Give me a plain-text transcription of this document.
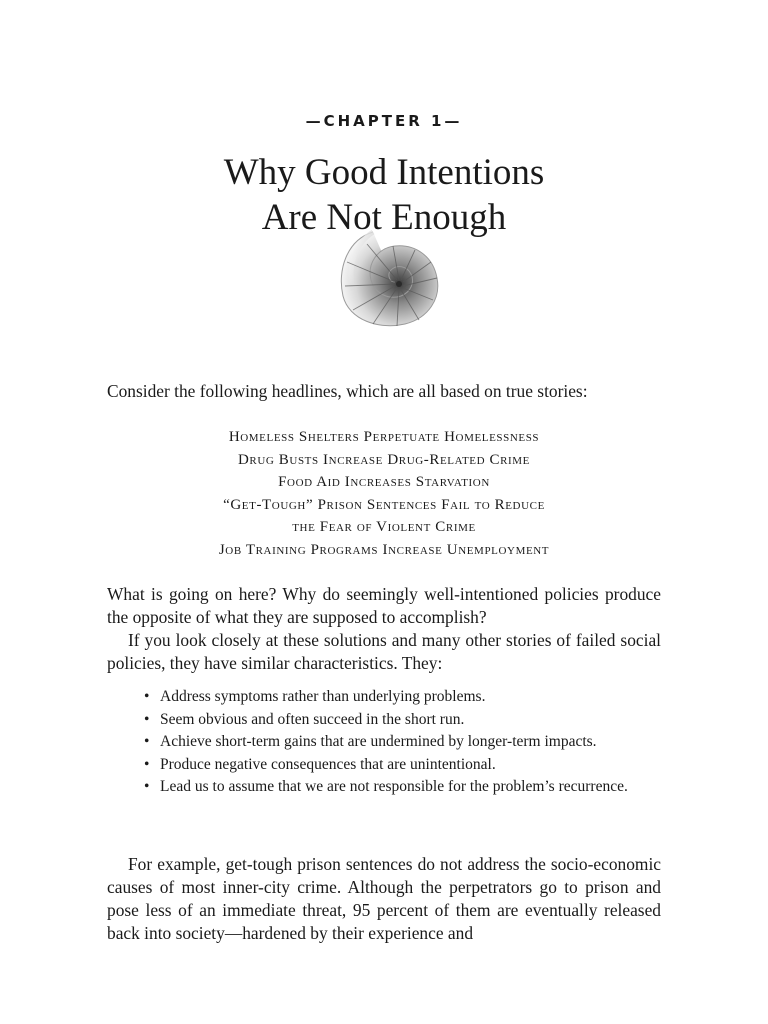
—CHAPTER 1—
Why Good Intentions
Are Not Enough

Consider the following headlines, which are all based on true stories:

Homeless Shelters Perpetuate Homelessness
Drug Busts Increase Drug-Related Crime
Food Aid Increases Starvation
“Get-Tough” Prison Sentences Fail to Reduce
the Fear of Violent Crime
Job Training Programs Increase Unemployment

What is going on here? Why do seemingly well-intentioned policies produce the opposite of what they are supposed to accomplish?

If you look closely at these solutions and many other stories of failed social policies, they have similar characteristics. They:

• Address symptoms rather than underlying problems.
• Seem obvious and often succeed in the short run.
• Achieve short-term gains that are undermined by longer-term impacts.
• Produce negative consequences that are unintentional.
• Lead us to assume that we are not responsible for the problem’s recurrence.

For example, get-tough prison sentences do not address the socio-economic causes of most inner-city crime. Although the perpetrators go to prison and pose less of an immediate threat, 95 percent of them are eventually released back into society—hardened by their experience and
